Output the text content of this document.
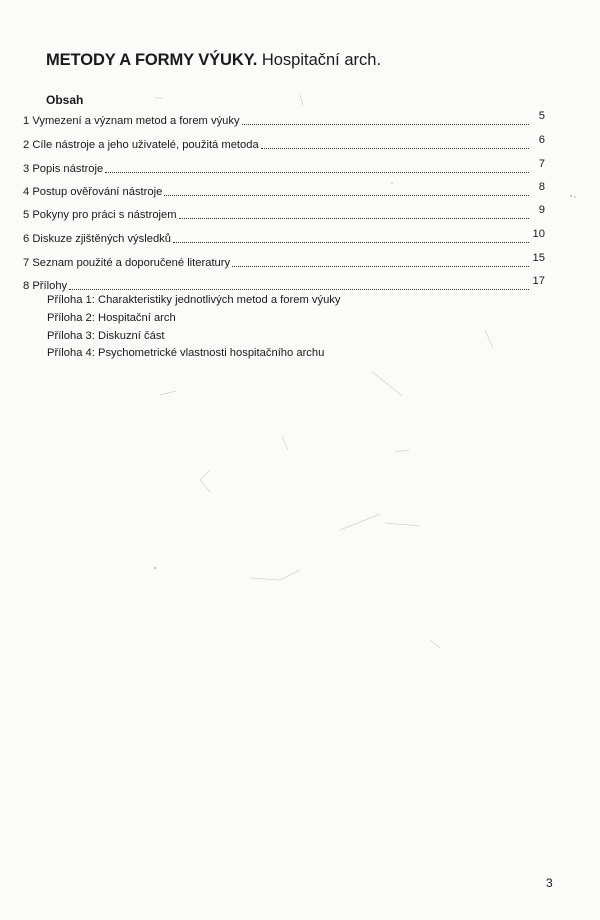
METODY A FORMY VÝUKY. Hospitační arch.
Obsah
1 Vymezení a význam metod a forem výuky	5
2 Cíle nástroje a jeho uživatelé, použitá metoda	6
3 Popis nástroje	7
4 Postup ověřování nástroje	8
5 Pokyny pro práci s nástrojem	9
6 Diskuze zjištěných výsledků	10
7 Seznam použité a doporučené literatury	15
8 Přílohy	17
Příloha 1: Charakteristiky jednotlivých metod a forem výuky
Příloha 2: Hospitační arch
Příloha 3: Diskuzní část
Příloha 4: Psychometrické vlastnosti hospitačního archu
3
